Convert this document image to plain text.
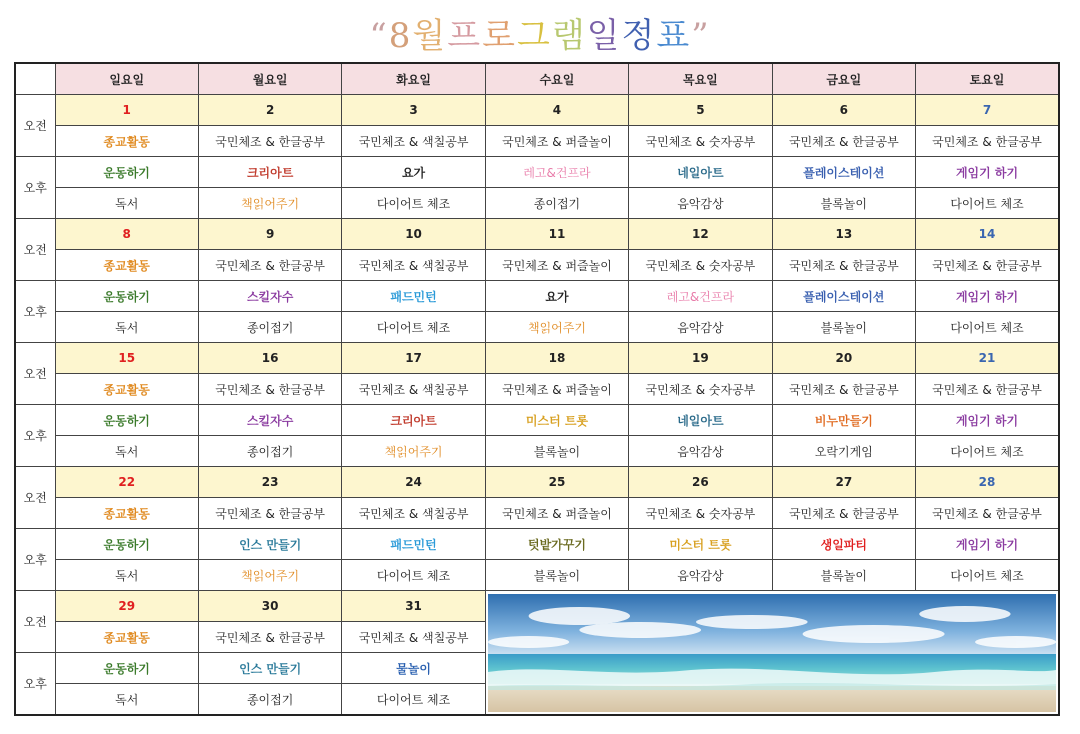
“8월프로그램일정표”
	일요일	월요일	화요일	수요일	목요일	금요일	토요일
오전	1	2	3	4	5	6	7
	종교활동	국민체조 & 한글공부	국민체조 & 색칠공부	국민체조 & 퍼즐놀이	국민체조 & 숫자공부	국민체조 & 한글공부	국민체조 & 한글공부
오후	운동하기	크리아트	요가	레고&건프라	네일아트	플레이스테이션	게임기 하기
	독서	책읽어주기	다이어트 체조	종이접기	음악감상	블록놀이	다이어트 체조
오전	8	9	10	11	12	13	14
	종교활동	국민체조 & 한글공부	국민체조 & 색칠공부	국민체조 & 퍼즐놀이	국민체조 & 숫자공부	국민체조 & 한글공부	국민체조 & 한글공부
오후	운동하기	스킬자수	패드민턴	요가	레고&건프라	플레이스테이션	게임기 하기
	독서	종이접기	다이어트 체조	책읽어주기	음악감상	블록놀이	다이어트 체조
오전	15	16	17	18	19	20	21
	종교활동	국민체조 & 한글공부	국민체조 & 색칠공부	국민체조 & 퍼즐놀이	국민체조 & 숫자공부	국민체조 & 한글공부	국민체조 & 한글공부
오후	운동하기	스킬자수	크리아트	미스터 트롯	네일아트	비누만들기	게임기 하기
	독서	종이접기	책읽어주기	블록놀이	음악감상	오락기게임	다이어트 체조
오전	22	23	24	25	26	27	28
	종교활동	국민체조 & 한글공부	국민체조 & 색칠공부	국민체조 & 퍼즐놀이	국민체조 & 숫자공부	국민체조 & 한글공부	국민체조 & 한글공부
오후	운동하기	인스 만들기	패드민턴	텃밭가꾸기	미스터 트롯	생일파티	게임기 하기
	독서	책읽어주기	다이어트 체조	블록놀이	음악감상	블록놀이	다이어트 체조
오전	29	30	31	

	종교활동	국민체조 & 한글공부	국민체조 & 색칠공부				
오후	운동하기	인스 만들기	물놀이				
	독서	종이접기	다이어트 체조				
